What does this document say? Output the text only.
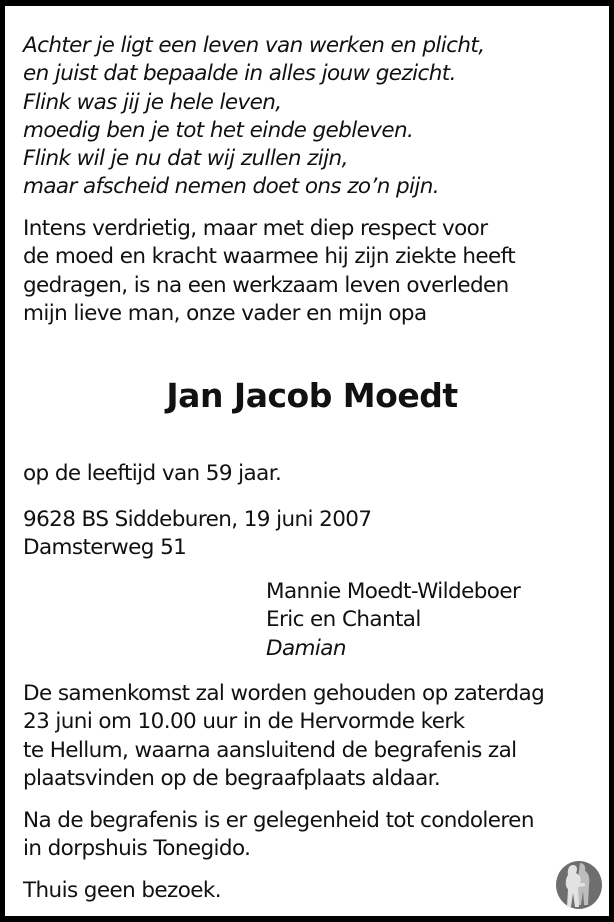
Achter je ligt een leven van werken en plicht,
en juist dat bepaalde in alles jouw gezicht.
Flink was jij je hele leven,
moedig ben je tot het einde gebleven.
Flink wil je nu dat wij zullen zijn,
maar afscheid nemen doet ons zo’n pijn.
Intens verdrietig, maar met diep respect voor
de moed en kracht waarmee hij zijn ziekte heeft
gedragen, is na een werkzaam leven overleden
mijn lieve man, onze vader en mijn opa
Jan Jacob Moedt
op de leeftijd van 59 jaar.
9628 BS Siddeburen, 19 juni 2007
Damsterweg 51
Mannie Moedt-Wildeboer
Eric en Chantal
Damian
De samenkomst zal worden gehouden op zaterdag
23 juni om 10.00 uur in de Hervormde kerk
te Hellum, waarna aansluitend de begrafenis zal
plaatsvinden op de begraafplaats aldaar.
Na de begrafenis is er gelegenheid tot condoleren
in dorpshuis Tonegido.
Thuis geen bezoek.
